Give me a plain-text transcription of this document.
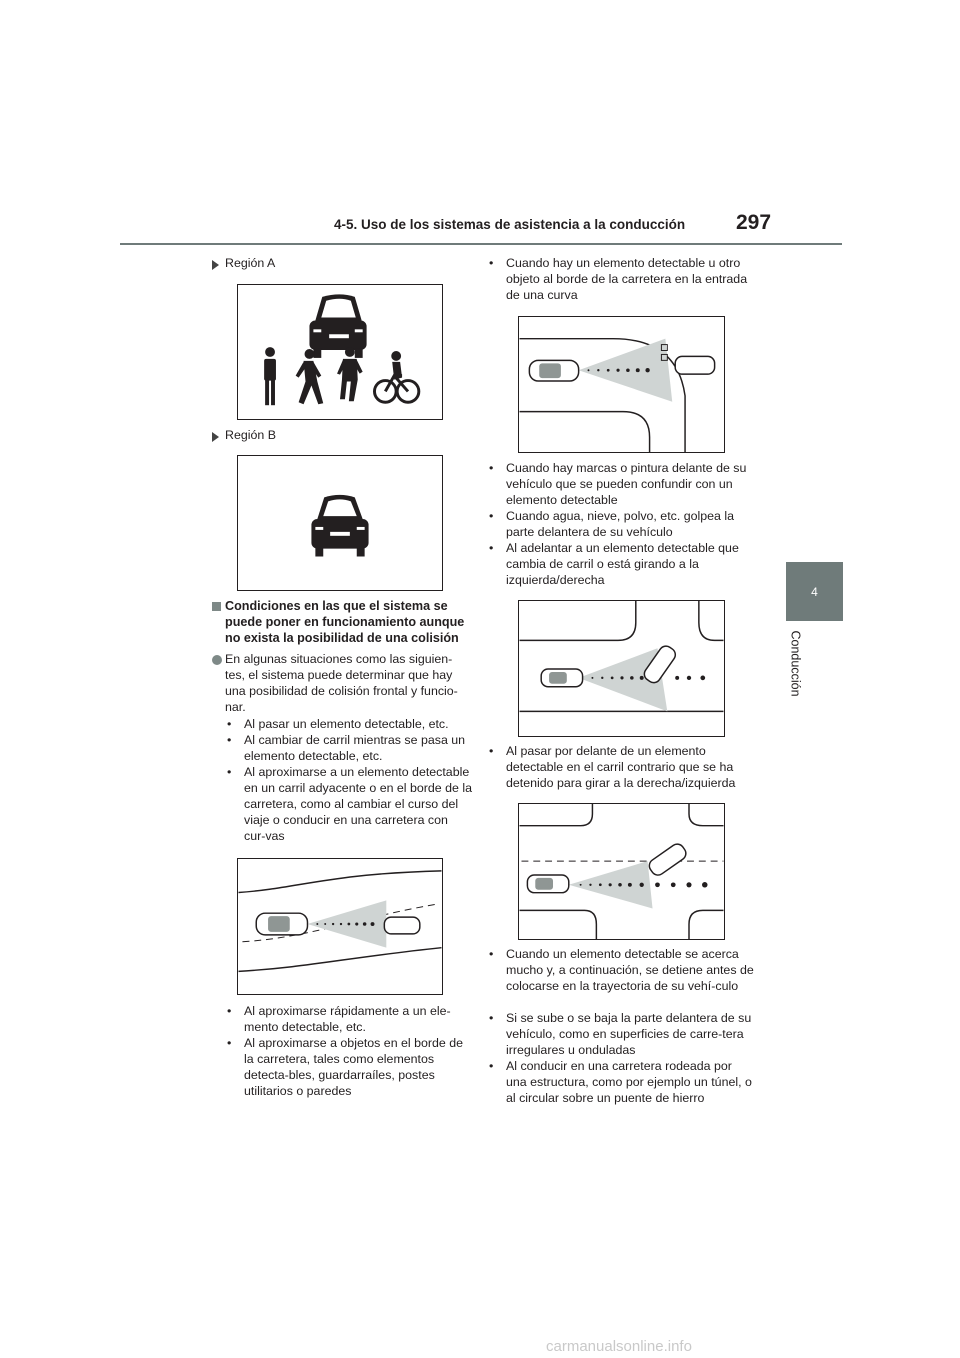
4-5. Uso de los sistemas de asistencia a la conducción 297
4
Conducción
Región A
Región B
Condiciones en las que el sistema se puede poner en funcionamiento aunque no exista la posibilidad de una colisión
En algunas situaciones como las siguien-tes, el sistema puede determinar que hay una posibilidad de colisión frontal y funcio-nar.
• Al pasar un elemento detectable, etc.
• Al cambiar de carril mientras se pasa un elemento detectable, etc.
• Al aproximarse a un elemento detectable en un carril adyacente o en el borde de la carretera, como al cambiar el curso del viaje o conducir en una carretera con cur-vas
• Al aproximarse rápidamente a un ele-mento detectable, etc.
• Al aproximarse a objetos en el borde de la carretera, tales como elementos detecta-bles, guardarraíles, postes utilitarios o paredes
• Cuando hay un elemento detectable u otro objeto al borde de la carretera en la entrada de una curva
• Cuando hay marcas o pintura delante de su vehículo que se pueden confundir con un elemento detectable
• Cuando agua, nieve, polvo, etc. golpea la parte delantera de su vehículo
• Al adelantar a un elemento detectable que cambia de carril o está girando a la izquierda/derecha
• Al pasar por delante de un elemento detectable en el carril contrario que se ha detenido para girar a la derecha/izquierda
• Cuando un elemento detectable se acerca mucho y, a continuación, se detiene antes de colocarse en la trayectoria de su vehí-culo
• Si se sube o se baja la parte delantera de su vehículo, como en superficies de carre-tera irregulares u onduladas
• Al conducir en una carretera rodeada por una estructura, como por ejemplo un túnel, o al circular sobre un puente de hierro
carmanualsonline.info
